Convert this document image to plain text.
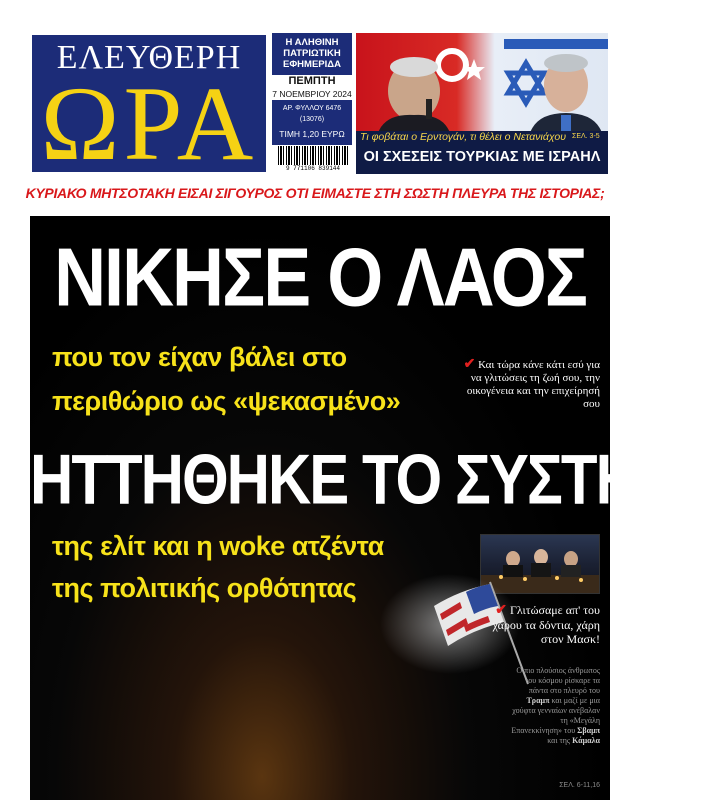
ΕΛΕΥΘΕΡΗ
ΩΡΑ
Η ΑΛΗΘΙΝΗ
ΠΑΤΡΙΩΤΙΚΗ
ΕΦΗΜΕΡΙΔΑ
ΠΕΜΠΤΗ
7 ΝΟΕΜΒΡΙΟΥ 2024
ΑΡ. ΦΥΛΛΟΥ 6476 (13076)
ΤΙΜΗ 1,20 ΕΥΡΩ
9 771106 839144
Τι φοβάται ο Ερντογάν, τι θέλει ο Νετανιάχου ΣΕΛ. 3-5
ΟΙ ΣΧΕΣΕΙΣ ΤΟΥΡΚΙΑΣ ΜΕ ΙΣΡΑΗΛ
ΚΥΡΙΑΚΟ ΜΗΤΣΟΤΑΚΗ ΕΙΣΑΙ ΣΙΓΟΥΡΟΣ ΟΤΙ ΕΙΜΑΣΤΕ ΣΤΗ ΣΩΣΤΗ ΠΛΕΥΡΑ ΤΗΣ ΙΣΤΟΡΙΑΣ;
ΝΙΚΗΣΕ Ο ΛΑΟΣ
που τον είχαν βάλει στο
περιθώριο ως «ψεκασμένο»
ΗΤΤΗΘΗΚΕ ΤΟ ΣΥΣΤΗΜΑ
της ελίτ και η woke ατζέντα
της πολιτικής ορθότητας
✔ Και τώρα κάνε κάτι εσύ για να γλιτώσεις τη ζωή σου, την οικογένεια και την επιχείρησή σου
✔ Γλιτώσαμε απ' του χάρου τα δόντια, χάρη στον Μασκ!
Ο πιο πλούσιος άνθρωπος του κόσμου ρίσκαρε τα πάντα στο πλευρό του Τραμπ και μαζί με μια χούφτα γενναίων ανέβαλαν τη «Μεγάλη Επανεκκίνηση» του Σβαμπ και της Κάμαλα
ΣΕΛ. 6-11,16
